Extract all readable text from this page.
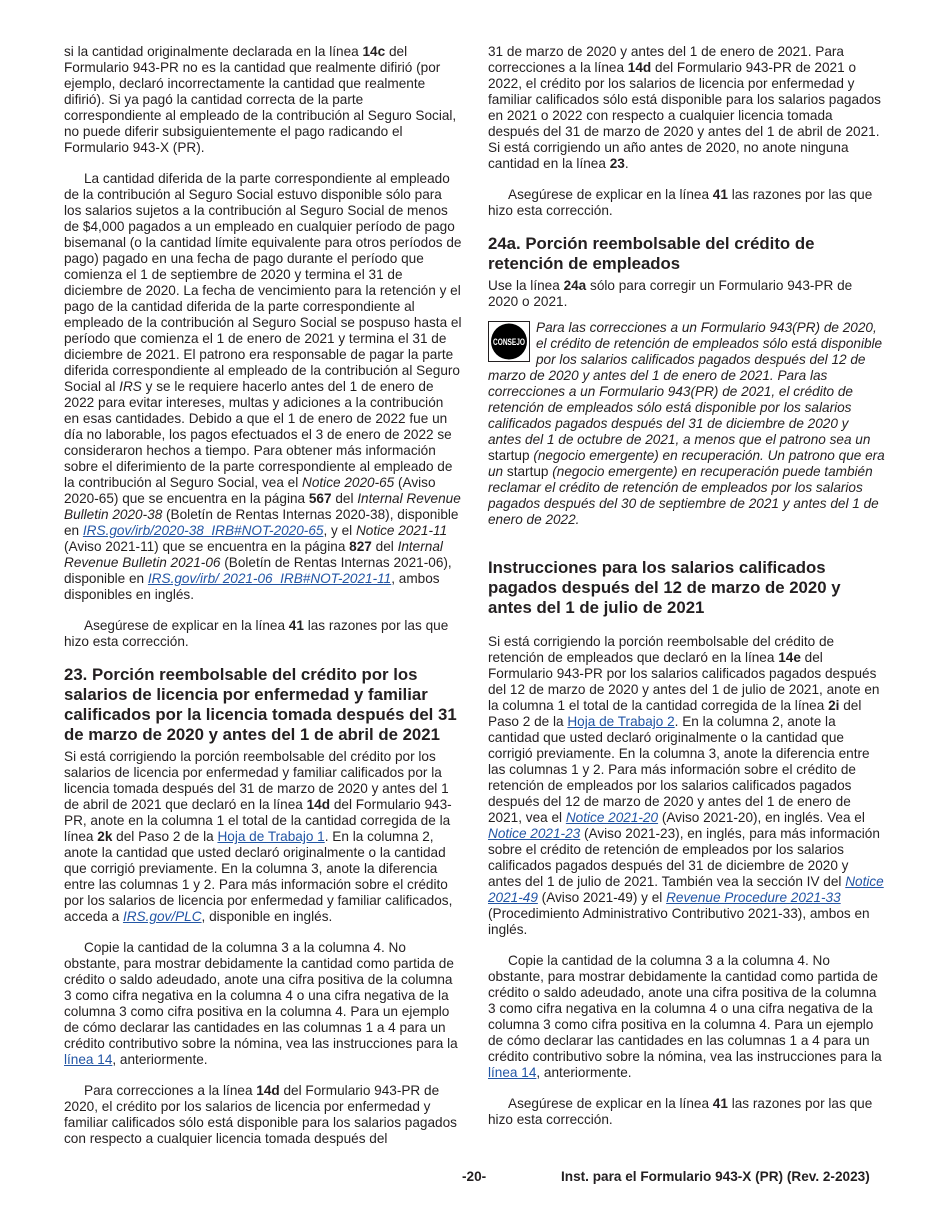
si la cantidad originalmente declarada en la línea 14c del Formulario 943-PR no es la cantidad que realmente difirió (por ejemplo, declaró incorrectamente la cantidad que realmente difirió). Si ya pagó la cantidad correcta de la parte correspondiente al empleado de la contribución al Seguro Social, no puede diferir subsiguientemente el pago radicando el Formulario 943-X (PR).

La cantidad diferida de la parte correspondiente al empleado de la contribución al Seguro Social estuvo disponible sólo para los salarios sujetos a la contribución al Seguro Social de menos de $4,000 pagados a un empleado en cualquier período de pago bisemanal (o la cantidad límite equivalente para otros períodos de pago) pagado en una fecha de pago durante el período que comienza el 1 de septiembre de 2020 y termina el 31 de diciembre de 2020. La fecha de vencimiento para la retención y el pago de la cantidad diferida de la parte correspondiente al empleado de la contribución al Seguro Social se pospuso hasta el período que comienza el 1 de enero de 2021 y termina el 31 de diciembre de 2021. El patrono era responsable de pagar la parte diferida correspondiente al empleado de la contribución al Seguro Social al IRS y se le requiere hacerlo antes del 1 de enero de 2022 para evitar intereses, multas y adiciones a la contribución en esas cantidades. Debido a que el 1 de enero de 2022 fue un día no laborable, los pagos efectuados el 3 de enero de 2022 se consideraron hechos a tiempo. Para obtener más información sobre el diferimiento de la parte correspondiente al empleado de la contribución al Seguro Social, vea el Notice 2020-65 (Aviso 2020-65) que se encuentra en la página 567 del Internal Revenue Bulletin 2020-38 (Boletín de Rentas Internas 2020-38), disponible en IRS.gov/irb/2020-38_IRB#NOT-2020-65, y el Notice 2021-11 (Aviso 2021-11) que se encuentra en la página 827 del Internal Revenue Bulletin 2021-06 (Boletín de Rentas Internas 2021-06), disponible en IRS.gov/irb/ 2021-06_IRB#NOT-2021-11, ambos disponibles en inglés.

Asegúrese de explicar en la línea 41 las razones por las que hizo esta corrección.

23. Porción reembolsable del crédito por los salarios de licencia por enfermedad y familiar calificados por la licencia tomada después del 31 de marzo de 2020 y antes del 1 de abril de 2021

Si está corrigiendo la porción reembolsable del crédito por los salarios de licencia por enfermedad y familiar calificados por la licencia tomada después del 31 de marzo de 2020 y antes del 1 de abril de 2021 que declaró en la línea 14d del Formulario 943-PR, anote en la columna 1 el total de la cantidad corregida de la línea 2k del Paso 2 de la Hoja de Trabajo 1. En la columna 2, anote la cantidad que usted declaró originalmente o la cantidad que corrigió previamente. En la columna 3, anote la diferencia entre las columnas 1 y 2. Para más información sobre el crédito por los salarios de licencia por enfermedad y familiar calificados, acceda a IRS.gov/PLC, disponible en inglés.

Copie la cantidad de la columna 3 a la columna 4. No obstante, para mostrar debidamente la cantidad como partida de crédito o saldo adeudado, anote una cifra positiva de la columna 3 como cifra negativa en la columna 4 o una cifra negativa de la columna 3 como cifra positiva en la columna 4. Para un ejemplo de cómo declarar las cantidades en las columnas 1 a 4 para un crédito contributivo sobre la nómina, vea las instrucciones para la línea 14, anteriormente.

Para correcciones a la línea 14d del Formulario 943-PR de 2020, el crédito por los salarios de licencia por enfermedad y familiar calificados sólo está disponible para los salarios pagados con respecto a cualquier licencia tomada después del

31 de marzo de 2020 y antes del 1 de enero de 2021. Para correcciones a la línea 14d del Formulario 943-PR de 2021 o 2022, el crédito por los salarios de licencia por enfermedad y familiar calificados sólo está disponible para los salarios pagados en 2021 o 2022 con respecto a cualquier licencia tomada después del 31 de marzo de 2020 y antes del 1 de abril de 2021. Si está corrigiendo un año antes de 2020, no anote ninguna cantidad en la línea 23.

Asegúrese de explicar en la línea 41 las razones por las que hizo esta corrección.

24a. Porción reembolsable del crédito de retención de empleados

Use la línea 24a sólo para corregir un Formulario 943-PR de 2020 o 2021.

CONSEJO
Para las correcciones a un Formulario 943(PR) de 2020, el crédito de retención de empleados sólo está disponible por los salarios calificados pagados después del 12 de marzo de 2020 y antes del 1 de enero de 2021. Para las correcciones a un Formulario 943(PR) de 2021, el crédito de retención de empleados sólo está disponible por los salarios calificados pagados después del 31 de diciembre de 2020 y antes del 1 de octubre de 2021, a menos que el patrono sea un startup (negocio emergente) en recuperación. Un patrono que era un startup (negocio emergente) en recuperación puede también reclamar el crédito de retención de empleados por los salarios pagados después del 30 de septiembre de 2021 y antes del 1 de enero de 2022.
Instrucciones para los salarios calificados pagados después del 12 de marzo de 2020 y antes del 1 de julio de 2021

Si está corrigiendo la porción reembolsable del crédito de retención de empleados que declaró en la línea 14e del Formulario 943-PR por los salarios calificados pagados después del 12 de marzo de 2020 y antes del 1 de julio de 2021, anote en la columna 1 el total de la cantidad corregida de la línea 2i del Paso 2 de la Hoja de Trabajo 2. En la columna 2, anote la cantidad que usted declaró originalmente o la cantidad que corrigió previamente. En la columna 3, anote la diferencia entre las columnas 1 y 2. Para más información sobre el crédito de retención de empleados por los salarios calificados pagados después del 12 de marzo de 2020 y antes del 1 de enero de 2021, vea el Notice 2021-20 (Aviso 2021-20), en inglés. Vea el Notice 2021-23 (Aviso 2021-23), en inglés, para más información sobre el crédito de retención de empleados por los salarios calificados pagados después del 31 de diciembre de 2020 y antes del 1 de julio de 2021. También vea la sección IV del Notice 2021-49 (Aviso 2021-49) y el Revenue Procedure 2021-33 (Procedimiento Administrativo Contributivo 2021-33), ambos en inglés.

Copie la cantidad de la columna 3 a la columna 4. No obstante, para mostrar debidamente la cantidad como partida de crédito o saldo adeudado, anote una cifra positiva de la columna 3 como cifra negativa en la columna 4 o una cifra negativa de la columna 3 como cifra positiva en la columna 4. Para un ejemplo de cómo declarar las cantidades en las columnas 1 a 4 para un crédito contributivo sobre la nómina, vea las instrucciones para la línea 14, anteriormente.

Asegúrese de explicar en la línea 41 las razones por las que hizo esta corrección.

-20-	Inst. para el Formulario 943-X (PR) (Rev. 2-2023)
